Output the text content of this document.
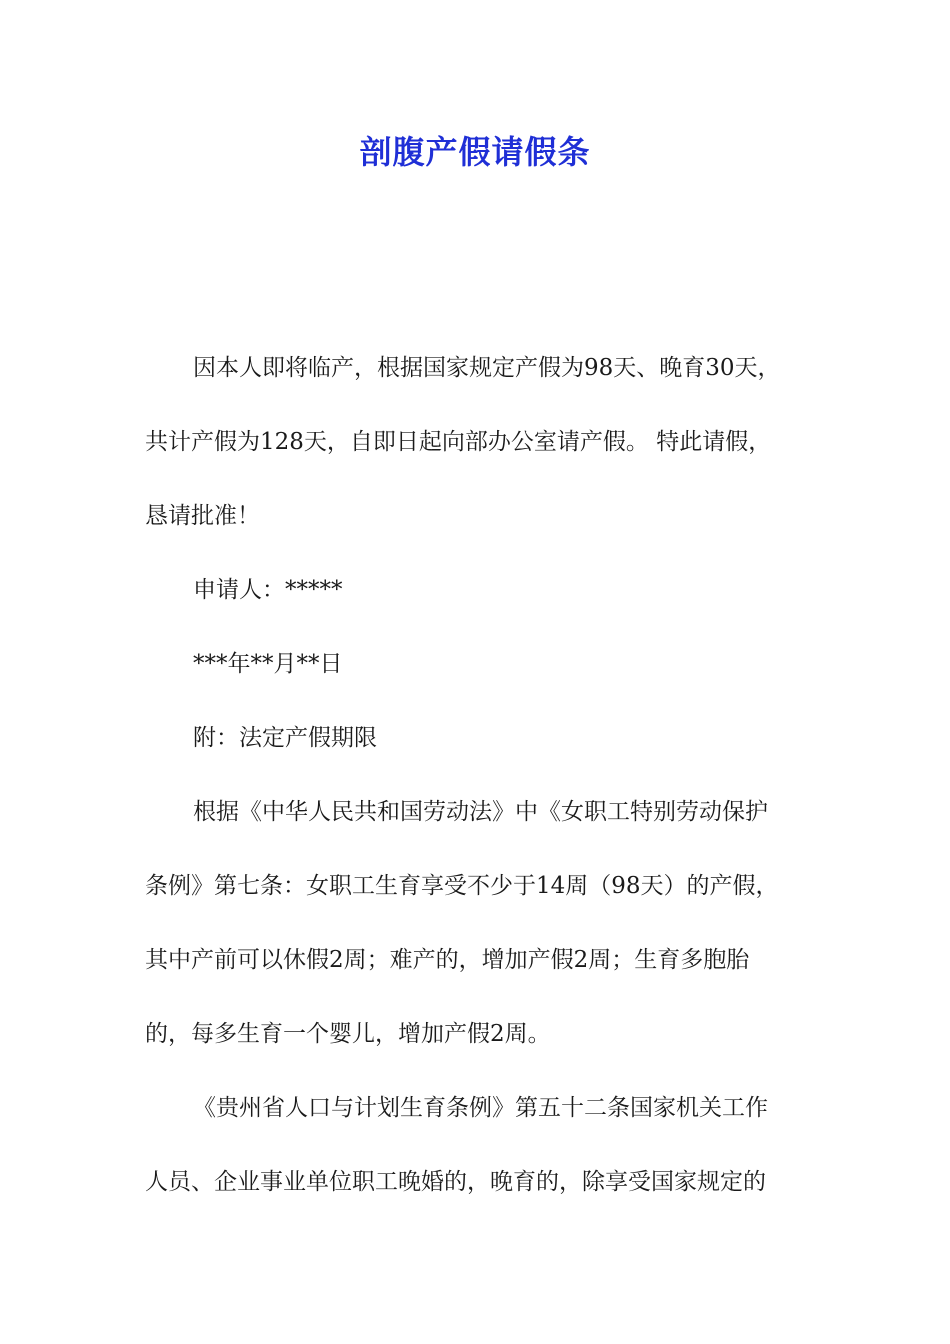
剖腹产假请假条
因本人即将临产，根据国家规定产假为98天、晚育30天，
共计产假为128天，自即日起向部办公室请产假。 特此请假，
恳请批准！
申请人：*****
***年**月**日
附：法定产假期限
根据《中华人民共和国劳动法》中《女职工特别劳动保护
条例》第七条：女职工生育享受不少于14周（98天）的产假，
其中产前可以休假2周；难产的，增加产假2周；生育多胞胎
的，每多生育一个婴儿，增加产假2周。
《贵州省人口与计划生育条例》第五十二条国家机关工作
人员、企业事业单位职工晚婚的，晚育的，除享受国家规定的
